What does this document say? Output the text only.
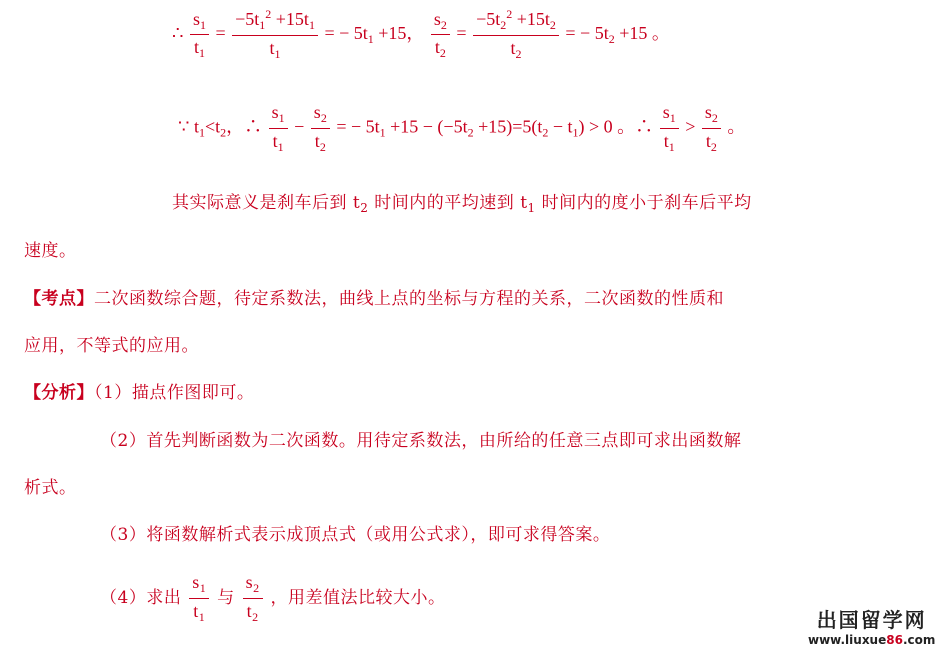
∴ $\frac{s_1}{t_1} = \frac{-5t_1^2 +15t_1}{t_1}$ = − $5t_1 +15$， $\frac{s_2}{t_2} = \frac{-5t_2^2 +15t_2}{t_2}$ = − $5t_2 +15$ 。
∵ $t_1<t_2$，∴ $\frac{s_1}{t_1} - \frac{s_2}{t_2}$ = − $5t_1 +15 - (-5t_2 +15)=5(t_2 - t_1) > 0$ 。∴ $\frac{s_1}{t_1} > \frac{s_2}{t_2}$ 。
其实际意义是刹车后到 $t_2$ 时间内的平均速到 $t_1$ 时间内的度小于刹车后平均
速度。
【考点】二次函数综合题，待定系数法，曲线上点的坐标与方程的关系，二次函数的性质和
应用，不等式的应用。
【分析】（1）描点作图即可。
（2）首先判断函数为二次函数。用待定系数法，由所给的任意三点即可求出函数解
析式。
（3）将函数解析式表示成顶点式（或用公式求），即可求得答案。
（4）求出 $\frac{s_1}{t_1}$ 与 $\frac{s_2}{t_2}$ ，用差值法比较大小。
出国留学网
www.liuxue86.com
